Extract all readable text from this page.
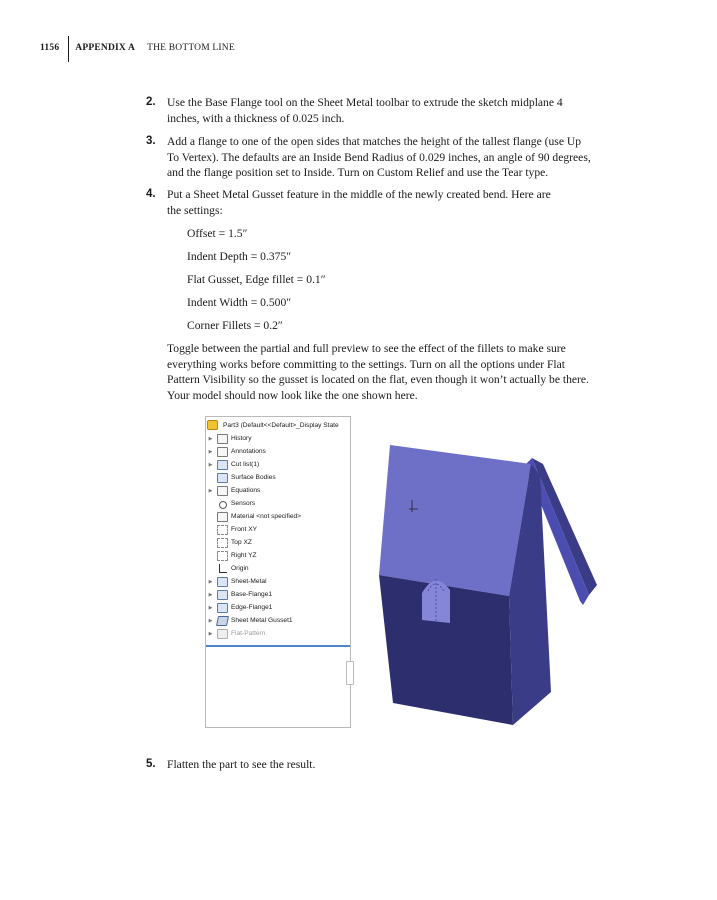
1156	APPENDIX A	THE BOTTOM LINE
2. Use the Base Flange tool on the Sheet Metal toolbar to extrude the sketch midplane 4
inches, with a thickness of 0.025 inch.
3. Add a flange to one of the open sides that matches the height of the tallest flange (use Up
To Vertex). The defaults are an Inside Bend Radius of 0.029 inches, an angle of 90 degrees,
and the flange position set to Inside. Turn on Custom Relief and use the Tear type.
4. Put a Sheet Metal Gusset feature in the middle of the newly created bend. Here are
the settings:
Offset = 1.5″
Indent Depth = 0.375″
Flat Gusset, Edge fillet = 0.1″
Indent Width = 0.500″
Corner Fillets = 0.2″
Toggle between the partial and full preview to see the effect of the fillets to make sure
everything works before committing to the settings. Turn on all the options under Flat
Pattern Visibility so the gusset is located on the flat, even though it won’t actually be there.
Your model should now look like the one shown here.
Part3 (Default<<Default>_Display State
▶	History
▶	Annotations
▶	Cut list(1)
Surface Bodies
▶	Equations
Sensors
Material <not specified>
Front XY
Top XZ
Right YZ
Origin
▶	Sheet-Metal
▶	Base-Flange1
▶	Edge-Flange1
▶	Sheet Metal Gusset1
▶	Flat-Pattern
5. Flatten the part to see the result.
